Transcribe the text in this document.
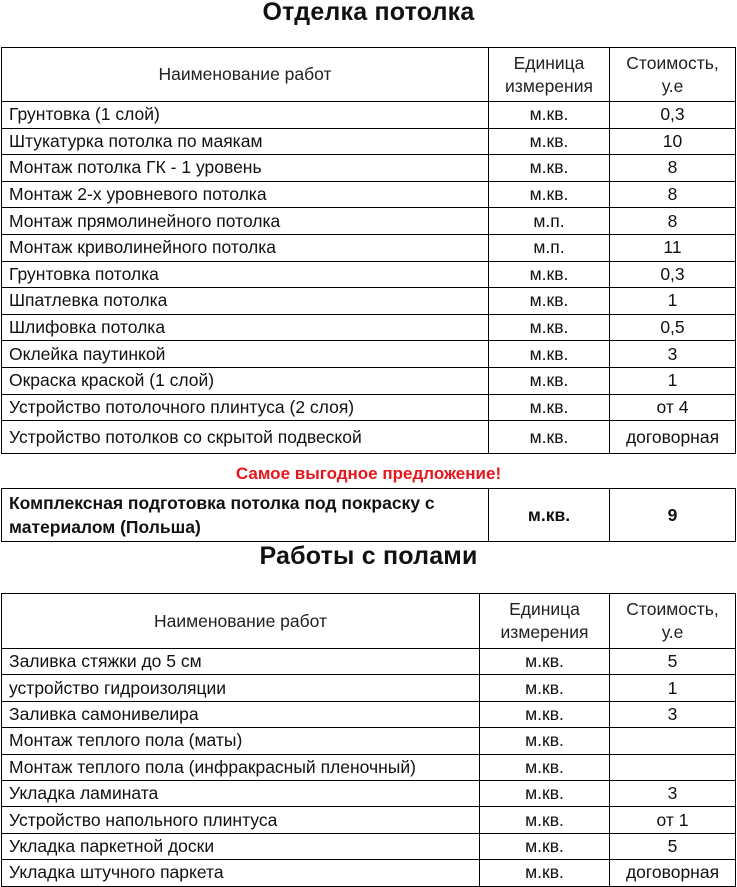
Отделка потолка
Наименование работ	Единица измерения	Стоимость, у.е
Грунтовка (1 слой)	м.кв.	0,3
Штукатурка потолка по маякам	м.кв.	10
Монтаж потолка ГК - 1 уровень	м.кв.	8
Монтаж 2-х уровневого потолка	м.кв.	8
Монтаж прямолинейного потолка	м.п.	8
Монтаж криволинейного потолка	м.п.	11
Грунтовка потолка	м.кв.	0,3
Шпатлевка потолка	м.кв.	1
Шлифовка потолка	м.кв.	0,5
Оклейка паутинкой	м.кв.	3
Окраска краской (1 слой)	м.кв.	1
Устройство потолочного плинтуса (2 слоя)	м.кв.	от 4
Устройство потолков со скрытой подвеской	м.кв.	договорная
Самое выгодное предложение!
Комплексная подготовка потолка под покраску с материалом (Польша)	м.кв.	9
Работы с полами
Наименование работ	Единица измерения	Стоимость, у.е
Заливка стяжки до 5 см	м.кв.	5
устройство гидроизоляции	м.кв.	1
Заливка самонивелира	м.кв.	3
Монтаж теплого пола (маты)	м.кв.	
Монтаж теплого пола (инфракрасный пленочный)	м.кв.	
Укладка ламината	м.кв.	3
Устройство напольного плинтуса	м.кв.	от 1
Укладка паркетной доски	м.кв.	5
Укладка штучного паркета	м.кв.	договорная
